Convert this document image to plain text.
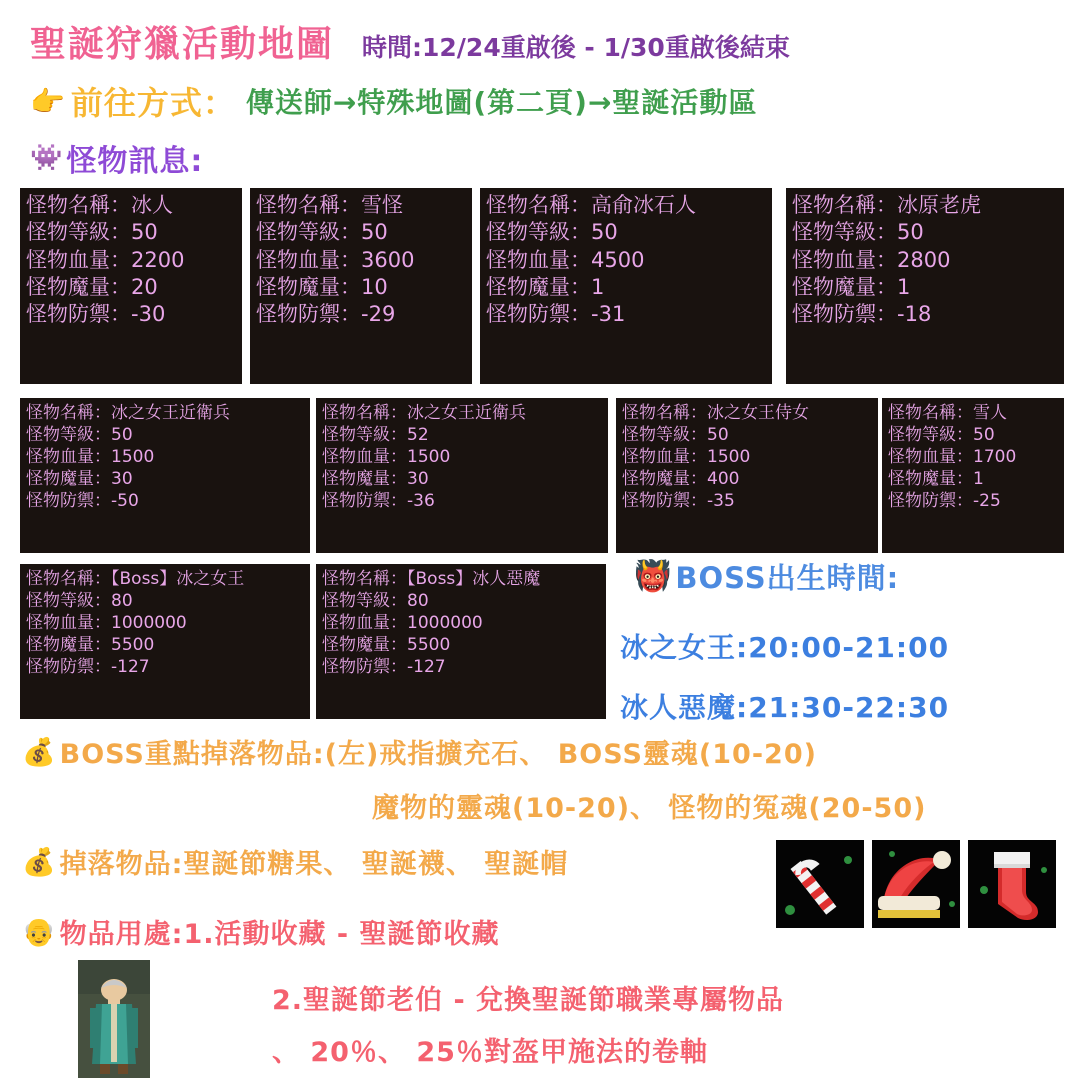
聖誕狩獵活動地圖 時間:12/24重啟後 - 1/30重啟後結束
👉 前往方式： 傳送師→特殊地圖(第二頁)→聖誕活動區
👾 怪物訊息:
怪物名稱：冰人
怪物等級：50
怪物血量：2200
怪物魔量：20
怪物防禦：-30
怪物名稱：雪怪
怪物等級：50
怪物血量：3600
怪物魔量：10
怪物防禦：-29
怪物名稱：高俞冰石人
怪物等級：50
怪物血量：4500
怪物魔量：1
怪物防禦：-31
怪物名稱：冰原老虎
怪物等級：50
怪物血量：2800
怪物魔量：1
怪物防禦：-18
怪物名稱：冰之女王近衛兵
怪物等級：50
怪物血量：1500
怪物魔量：30
怪物防禦：-50
怪物名稱：冰之女王近衛兵
怪物等級：52
怪物血量：1500
怪物魔量：30
怪物防禦：-36
怪物名稱：冰之女王侍女
怪物等級：50
怪物血量：1500
怪物魔量：400
怪物防禦：-35
怪物名稱：雪人
怪物等級：50
怪物血量：1700
怪物魔量：1
怪物防禦：-25
怪物名稱：【Boss】冰之女王
怪物等級：80
怪物血量：1000000
怪物魔量：5500
怪物防禦：-127
怪物名稱：【Boss】冰人惡魔
怪物等級：80
怪物血量：1000000
怪物魔量：5500
怪物防禦：-127
👹 BOSS出生時間:
冰之女王:20:00-21:00
冰人惡魔:21:30-22:30
💰 BOSS重點掉落物品: (左)戒指擴充石、 BOSS靈魂(10-20)
魔物的靈魂(10-20)、 怪物的冤魂(20-50)
💰 掉落物品: 聖誕節糖果、 聖誕襪、 聖誕帽
👴 物品用處: 1.活動收藏 - 聖誕節收藏
2.聖誕節老伯 - 兌換聖誕節職業專屬物品
、 20％、 25％對盔甲施法的卷軸
